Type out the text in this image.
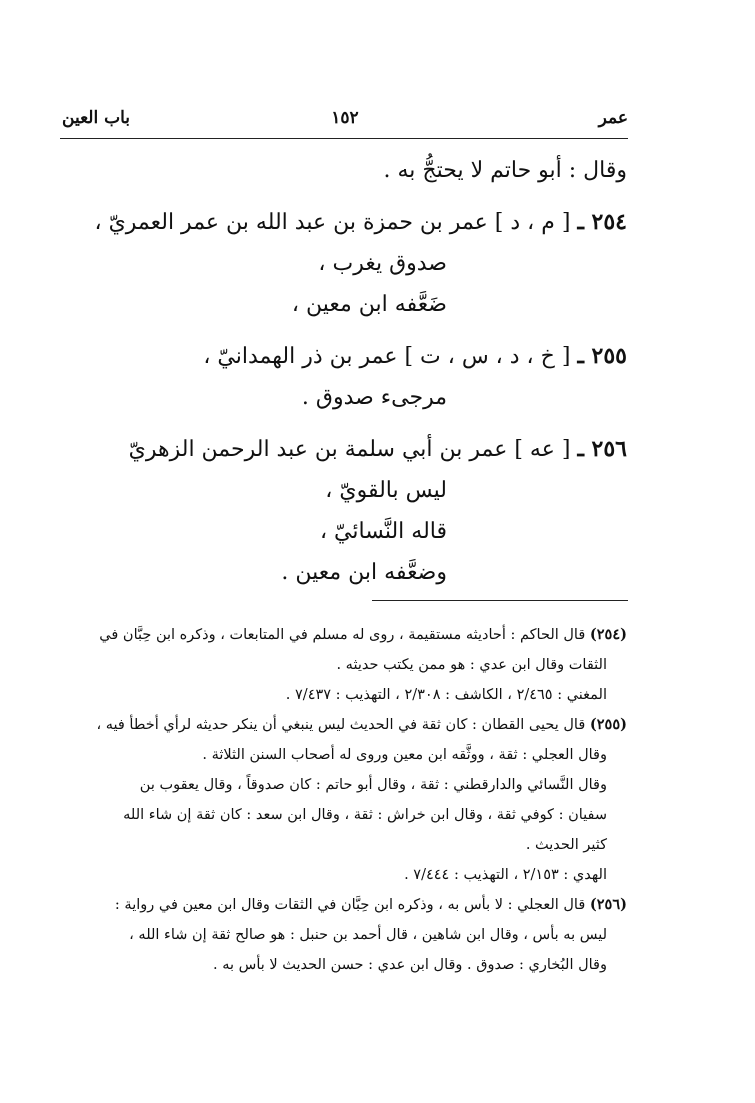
عمر
١٥٢
باب العين
وقال : أبو حاتم لا يحتجُّ به .
٢٥٤ ـ [ م ، د ] عمر بن حمزة بن عبد الله بن عمر العمريّ ،
صدوق يغرب ،
ضَعَّفه ابن معين ،
٢٥٥ ـ [ خ ، د ، س ، ت ] عمر بن ذر الهمدانيّ ،
مرجىء صدوق .
٢٥٦ ـ [ عه ] عمر بن أبي سلمة بن عبد الرحمن الزهريّ
ليس بالقويّ ،
قاله النَّسائيّ ،
وضعَّفه ابن معين .
(٢٥٤) قال الحاكم : أحاديثه مستقيمة ، روى له مسلم في المتابعات ، وذكره ابن حِبَّان في
الثقات وقال ابن عدي : هو ممن يكتب حديثه .
المغني : ٢/٤٦٥ ، الكاشف : ٢/٣٠٨ ، التهذيب : ٧/٤٣٧ .
(٢٥٥) قال يحيى القطان : كان ثقة في الحديث ليس ينبغي أن ينكر حديثه لرأي أخطأ فيه ،
وقال العجلي : ثقة ، ووثَّقه ابن معين وروى له أصحاب السنن الثلاثة .
وقال النَّسائي والدارقطني : ثقة ، وقال أبو حاتم : كان صدوقاً ، وقال يعقوب بن
سفيان : كوفي ثقة ، وقال ابن خراش : ثقة ، وقال ابن سعد : كان ثقة إن شاء الله
كثير الحديث .
الهدي : ٢/١٥٣ ، التهذيب : ٧/٤٤٤ .
(٢٥٦) قال العجلي : لا بأس به ، وذكره ابن حِبَّان في الثقات وقال ابن معين في رواية :
ليس به بأس ، وقال ابن شاهين ، قال أحمد بن حنبل : هو صالح ثقة إن شاء الله ،
وقال البُخاري : صدوق . وقال ابن عدي : حسن الحديث لا بأس به .
